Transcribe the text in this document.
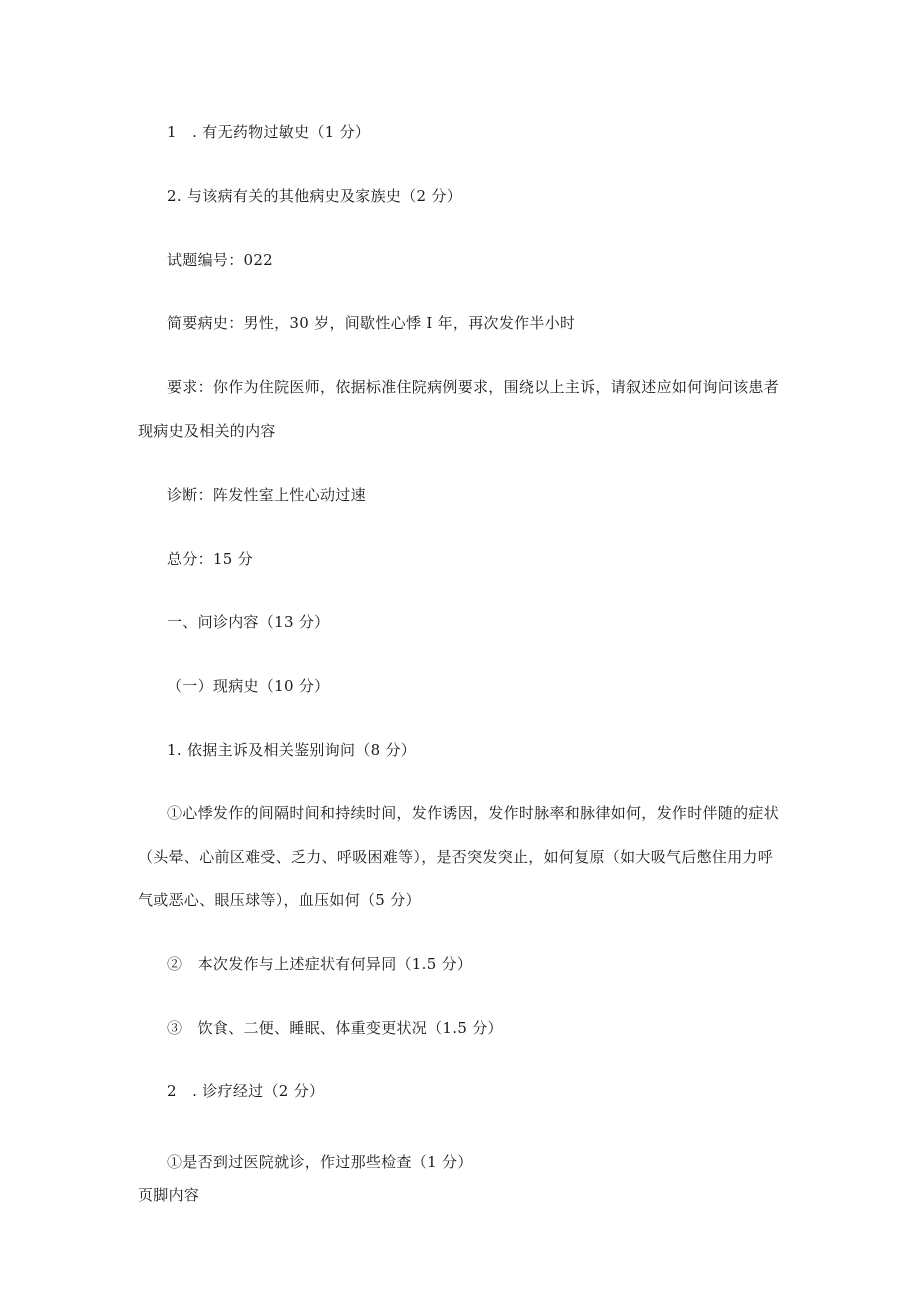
1　. 有无药物过敏史（1 分）
2. 与该病有关的其他病史及家族史（2 分）
试题编号：022
简要病史：男性，30 岁，间歇性心悸 I 年，再次发作半小时
要求：你作为住院医师，依据标准住院病例要求，围绕以上主诉，请叙述应如何询问该患者
现病史及相关的内容
诊断：阵发性室上性心动过速
总分：15 分
一、问诊内容（13 分）
（一）现病史（10 分）
1. 依据主诉及相关鉴别询问（8 分）
①心悸发作的间隔时间和持续时间，发作诱因，发作时脉率和脉律如何，发作时伴随的症状
（头晕、心前区难受、乏力、呼吸困难等），是否突发突止，如何复原（如大吸气后憋住用力呼
气或恶心、眼压球等），血压如何（5 分）
②　本次发作与上述症状有何异同（1.5 分）
③　饮食、二便、睡眠、体重变更状况（1.5 分）
2　. 诊疗经过（2 分）
①是否到过医院就诊，作过那些检查（1 分）
页脚内容
